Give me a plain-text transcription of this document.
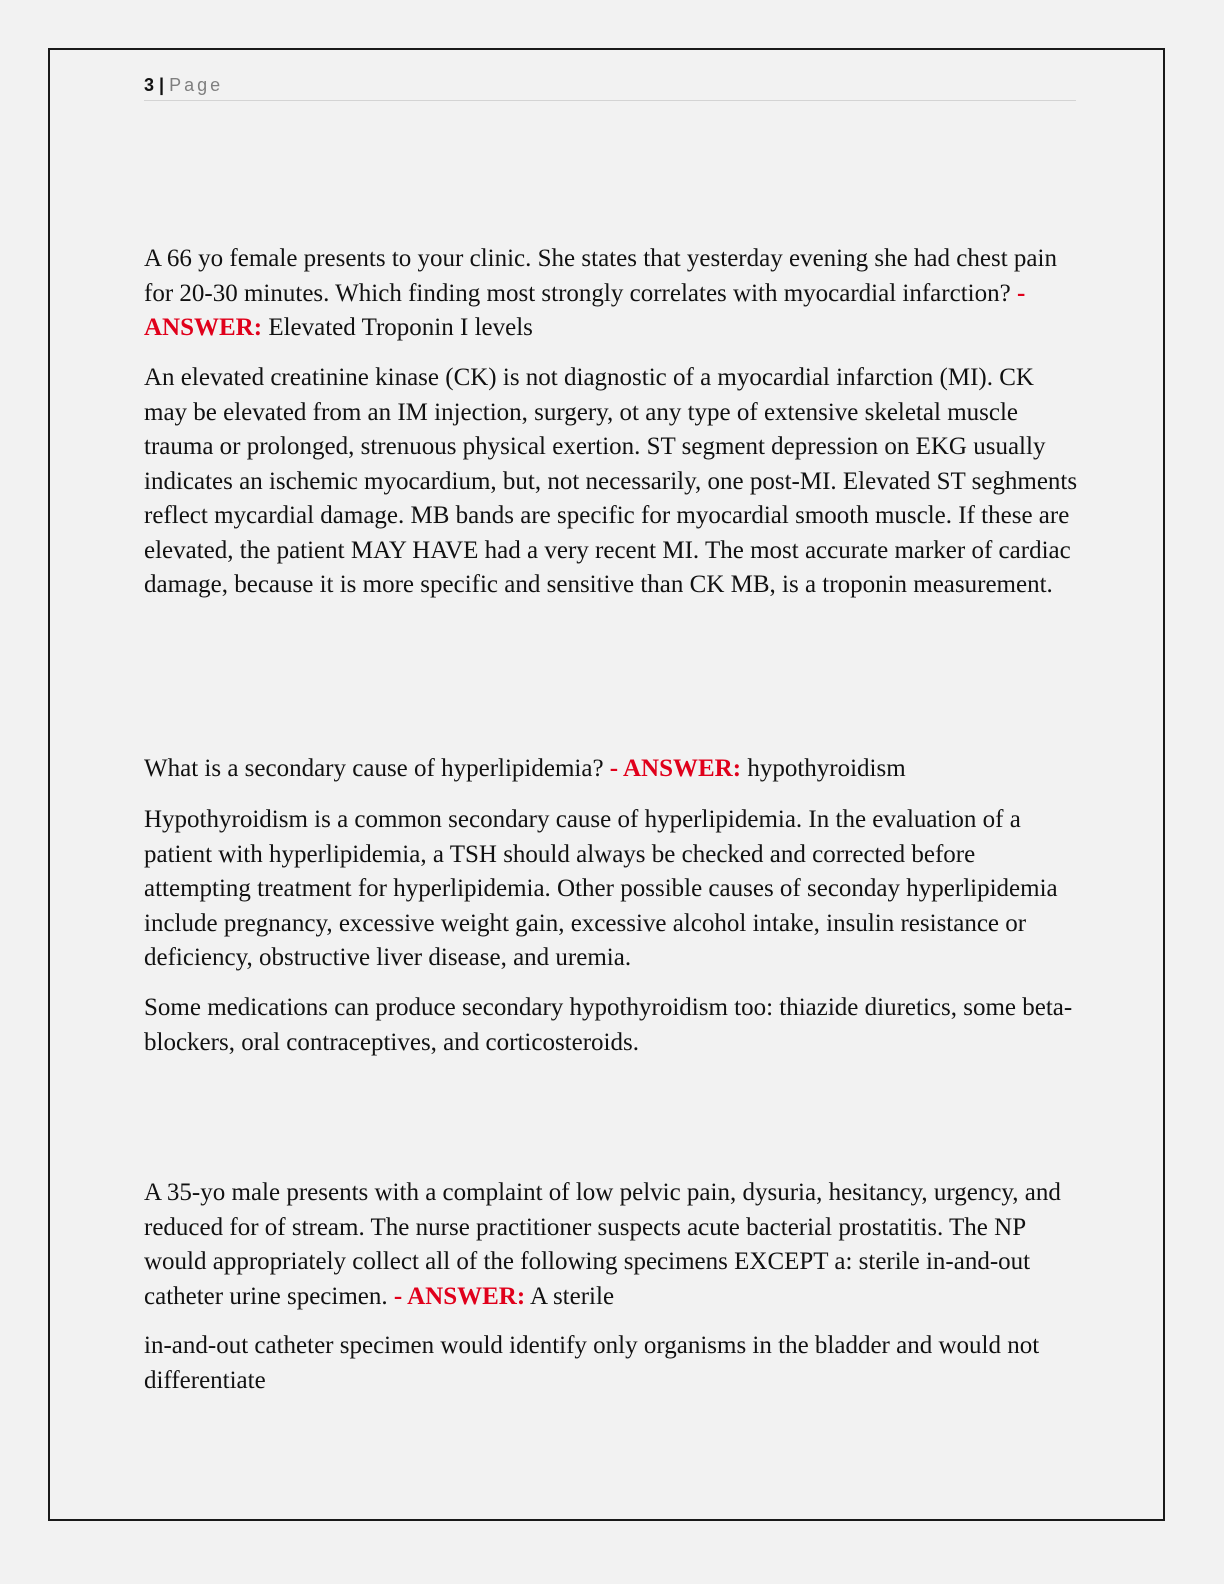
3 | Page

A 66 yo female presents to your clinic. She states that yesterday evening she had chest pain for 20-30 minutes. Which finding most strongly correlates with myocardial infarction? - ANSWER: Elevated Troponin I levels

An elevated creatinine kinase (CK) is not diagnostic of a myocardial infarction (MI). CK may be elevated from an IM injection, surgery, ot any type of extensive skeletal muscle trauma or prolonged, strenuous physical exertion. ST segment depression on EKG usually indicates an ischemic myocardium, but, not necessarily, one post-MI. Elevated ST seghments reflect mycardial damage. MB bands are specific for myocardial smooth muscle. If these are elevated, the patient MAY HAVE had a very recent MI. The most accurate marker of cardiac damage, because it is more specific and sensitive than CK MB, is a troponin measurement.

What is a secondary cause of hyperlipidemia? - ANSWER: hypothyroidism

Hypothyroidism is a common secondary cause of hyperlipidemia. In the evaluation of a patient with hyperlipidemia, a TSH should always be checked and corrected before attempting treatment for hyperlipidemia. Other possible causes of seconday hyperlipidemia include pregnancy, excessive weight gain, excessive alcohol intake, insulin resistance or deficiency, obstructive liver disease, and uremia.

Some medications can produce secondary hypothyroidism too: thiazide diuretics, some beta-blockers, oral contraceptives, and corticosteroids.

A 35-yo male presents with a complaint of low pelvic pain, dysuria, hesitancy, urgency, and reduced for of stream. The nurse practitioner suspects acute bacterial prostatitis. The NP would appropriately collect all of the following specimens EXCEPT a: sterile in-and-out catheter urine specimen. - ANSWER: A sterile

in-and-out catheter specimen would identify only organisms in the bladder and would not differentiate
